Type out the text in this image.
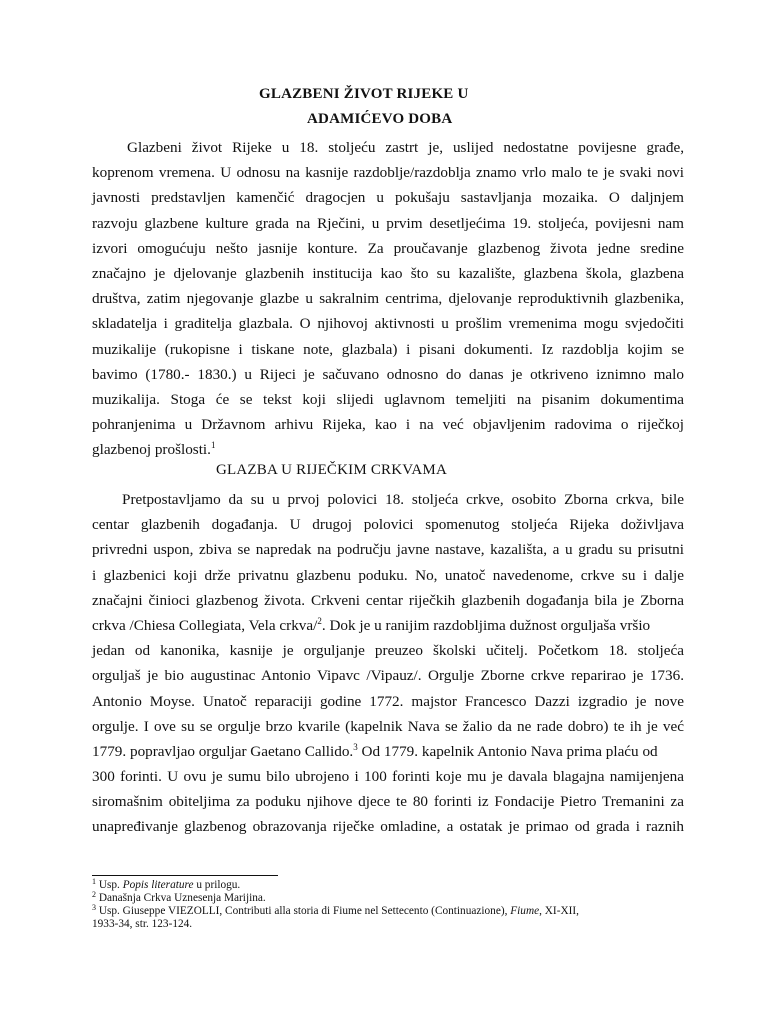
GLAZBENI ŽIVOT RIJEKE U
ADAMIĆEVO DOBA
Glazbeni život Rijeke u 18. stoljeću zastrt je, uslijed nedostatne povijesne građe,
koprenom vremena. U odnosu na kasnije razdoblje/razdoblja znamo vrlo malo te je svaki novi
javnosti predstavljen kamenčić dragocjen u pokušaju sastavljanja mozaika. O daljnjem
razvoju glazbene kulture grada na Rječini, u prvim desetljećima 19. stoljeća, povijesni nam
izvori omogućuju nešto jasnije konture. Za proučavanje glazbenog života jedne sredine
značajno je djelovanje glazbenih institucija kao što su kazalište, glazbena škola, glazbena
društva, zatim njegovanje glazbe u sakralnim centrima, djelovanje reproduktivnih glazbenika,
skladatelja i graditelja glazbala. O njihovoj aktivnosti u prošlim vremenima mogu svjedočiti
muzikalije (rukopisne i tiskane note, glazbala) i pisani dokumenti. Iz razdoblja kojim se
bavimo (1780.- 1830.) u Rijeci je sačuvano odnosno do danas je otkriveno iznimno malo
muzikalija. Stoga će se tekst koji slijedi uglavnom temeljiti na pisanim dokumentima
pohranjenima u Državnom arhivu Rijeka, kao i na već objavljenim radovima o riječkoj
glazbenoj prošlosti.$^1$
GLAZBA U RIJEČKIM CRKVAMA
Pretpostavljamo da su u prvoj polovici 18. stoljeća crkve, osobito Zborna crkva, bile
centar glazbenih događanja. U drugoj polovici spomenutog stoljeća Rijeka doživljava
privredni uspon, zbiva se napredak na području javne nastave, kazališta, a u gradu su prisutni
i glazbenici koji drže privatnu glazbenu poduku. No, unatoč navedenome, crkve su i dalje
značajni činioci glazbenog života. Crkveni centar riječkih glazbenih događanja bila je Zborna
crkva /Chiesa Collegiata, Vela crkva/$^2$. Dok je u ranijim razdobljima dužnost orguljaša vršio
jedan od kanonika, kasnije je orguljanje preuzeo školski učitelj. Početkom 18. stoljeća
orguljaš je bio augustinac Antonio Vipavc /Vipauz/. Orgulje Zborne crkve reparirao je 1736.
Antonio Moyse. Unatoč reparaciji godine 1772. majstor Francesco Dazzi izgradio je nove
orgulje. I ove su se orgulje brzo kvarile (kapelnik Nava se žalio da ne rade dobro) te ih je već
1779. popravljao orguljar Gaetano Callido.$^3$ Od 1779. kapelnik Antonio Nava prima plaću od
300 forinti. U ovu je sumu bilo ubrojeno i 100 forinti koje mu je davala blagajna namijenjena
siromašnim obiteljima za poduku njihove djece te 80 forinti iz Fondacije Pietro Tremanini za
unapređivanje glazbenog obrazovanja riječke omladine, a ostatak je primao od grada i raznih
$^1$ Usp. Popis literature u prilogu.
$^2$ Današnja Crkva Uznesenja Marijina.
$^3$ Usp. Giuseppe VIEZOLLI, Contributi alla storia di Fiume nel Settecento (Continuazione), Fiume, XI-XII,
1933-34, str. 123-124.
